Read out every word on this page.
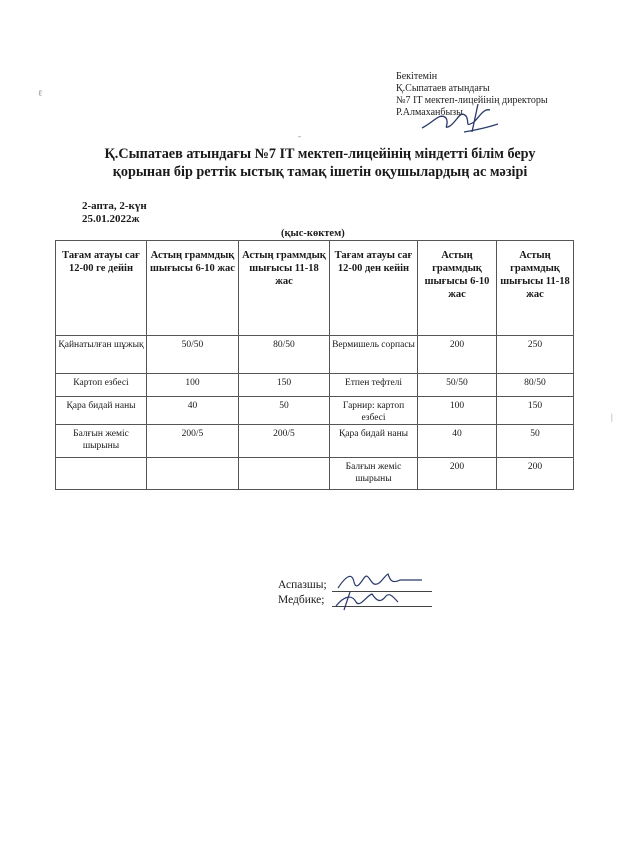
Бекітемін
Қ.Сыпатаев атындағы
№7 IT мектеп-лицейінің директоры
Р.Алмаханбызы
Қ.Сыпатаев атындағы №7 IT мектеп-лицейінің міндетті білім беру
қорынан бір реттік ыстық тамақ ішетін оқушылардың ас мәзірі
2-апта, 2-күн
25.01.2022ж
(қыс-көктем)
Тағам атауы сағ 12-00 ге дейін	Астың граммдық шығысы 6-10 жас	Астың граммдық шығысы 11-18 жас	Тағам атауы сағ 12-00 ден кейін	Астың граммдық шығысы 6-10 жас	Астың граммдық шығысы 11-18 жас
Қайнатылған шұжық	50/50	80/50	Вермишель сорпасы	200	250
Картоп езбесі	100	150	Етпен тефтелі	50/50	80/50
Қара бидай наны	40	50	Гарнир: картоп езбесі	100	150
Балғын жеміс шырыны	200/5	200/5	Қара бидай наны	40	50
			Балғын жеміс шырыны	200	200
Аспазшы;
Медбике;
ℓ
-
|
